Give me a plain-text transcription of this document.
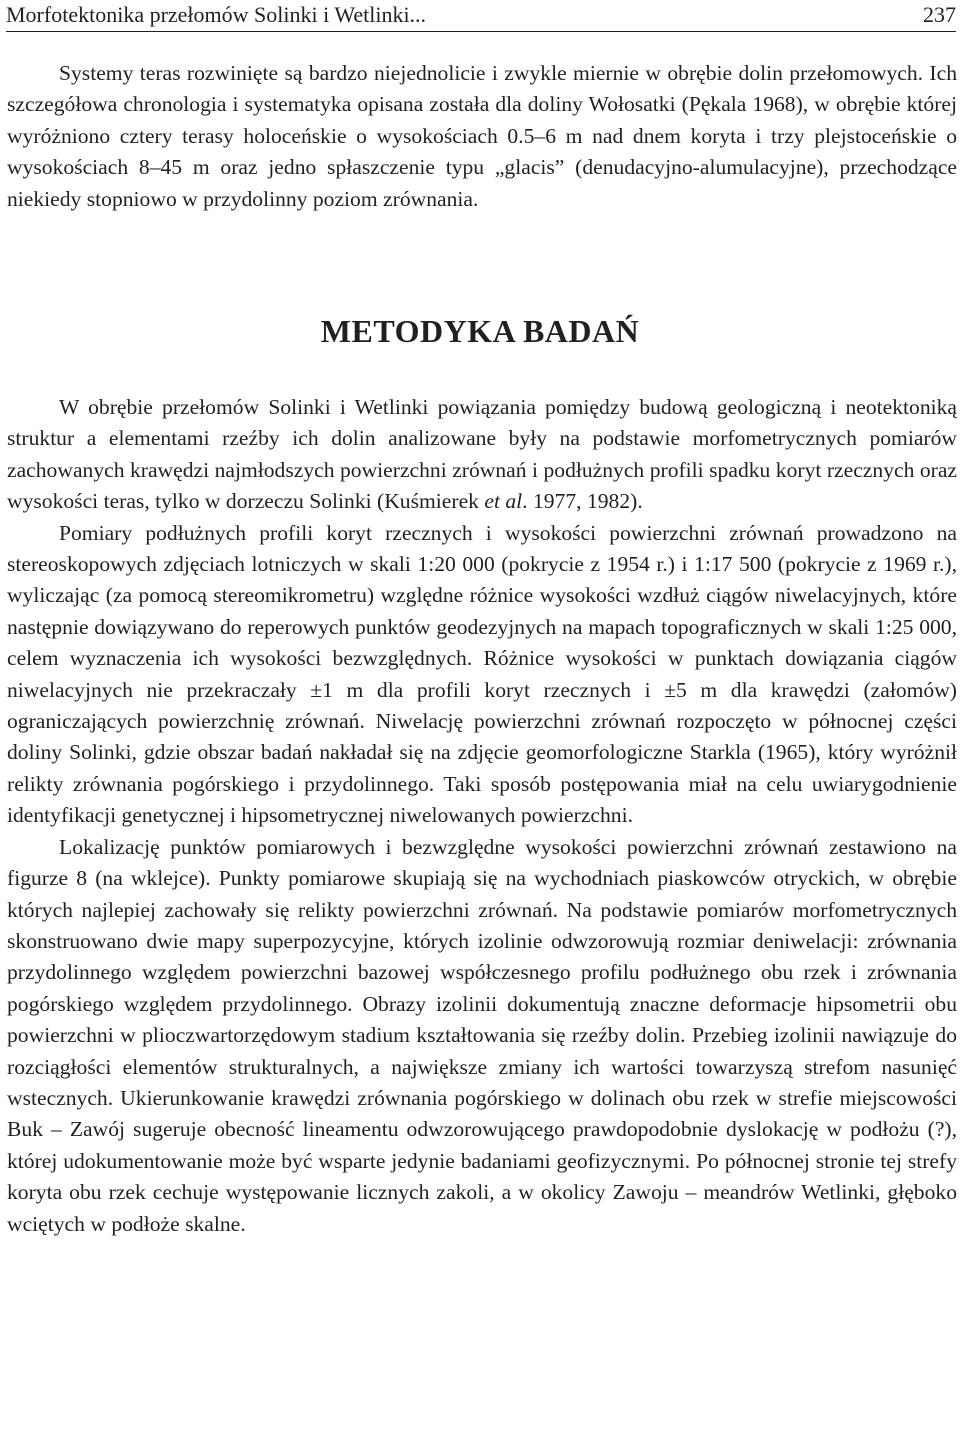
Morfotektonika przełomów Solinki i Wetlinki...	237

Systemy teras rozwinięte są bardzo niejednolicie i zwykle miernie w obrębie dolin przełomowych. Ich szczegółowa chronologia i systematyka opisana została dla doliny Wołosatki (Pękala 1968), w obrębie której wyróżniono cztery terasy holoceńskie o wysokościach 0.5–6 m nad dnem koryta i trzy plejstoceńskie o wysokościach 8–45 m oraz jedno spłaszczenie typu „glacis” (denudacyjno-alumulacyjne), przechodzące niekiedy stopniowo w przydolinny poziom zrównania.

METODYKA BADAŃ

W obrębie przełomów Solinki i Wetlinki powiązania pomiędzy budową geologiczną i neotektoniką struktur a elementami rzeźby ich dolin analizowane były na podstawie morfometrycznych pomiarów zachowanych krawędzi najmłodszych powierzchni zrównań i podłużnych profili spadku koryt rzecznych oraz wysokości teras, tylko w dorzeczu Solinki (Kuśmierek et al. 1977, 1982).

Pomiary podłużnych profili koryt rzecznych i wysokości powierzchni zrównań prowadzono na stereoskopowych zdjęciach lotniczych w skali 1:20 000 (pokrycie z 1954 r.) i 1:17 500 (pokrycie z 1969 r.), wyliczając (za pomocą stereomikrometru) względne różnice wysokości wzdłuż ciągów niwelacyjnych, które następnie dowiązywano do reperowych punktów geodezyjnych na mapach topograficznych w skali 1:25 000, celem wyznaczenia ich wysokości bezwzględnych. Różnice wysokości w punktach dowiązania ciągów niwelacyjnych nie przekraczały ±1 m dla profili koryt rzecznych i ±5 m dla krawędzi (załomów) ograniczających powierzchnię zrównań. Niwelację powierzchni zrównań rozpoczęto w północnej części doliny Solinki, gdzie obszar badań nakładał się na zdjęcie geomorfologiczne Starkla (1965), który wyróżnił relikty zrównania pogórskiego i przydolinnego. Taki sposób postępowania miał na celu uwiarygodnienie identyfikacji genetycznej i hipsometrycznej niwelowanych powierzchni.

Lokalizację punktów pomiarowych i bezwzględne wysokości powierzchni zrównań zestawiono na figurze 8 (na wklejce). Punkty pomiarowe skupiają się na wychodniach piaskowców otryckich, w obrębie których najlepiej zachowały się relikty powierzchni zrównań. Na podstawie pomiarów morfometrycznych skonstruowano dwie mapy superpozycyjne, których izolinie odwzorowują rozmiar deniwelacji: zrównania przydolinnego względem powierzchni bazowej współczesnego profilu podłużnego obu rzek i zrównania pogórskiego względem przydolinnego. Obrazy izolinii dokumentują znaczne deformacje hipsometrii obu powierzchni w plioczwartorzędowym stadium kształtowania się rzeźby dolin. Przebieg izolinii nawiązuje do rozciągłości elementów strukturalnych, a największe zmiany ich wartości towarzyszą strefom nasunięć wstecznych. Ukierunkowanie krawędzi zrównania pogórskiego w dolinach obu rzek w strefie miejscowości Buk – Zawój sugeruje obecność lineamentu odwzorowującego prawdopodobnie dyslokację w podłożu (?), której udokumentowanie może być wsparte jedynie badaniami geofizycznymi. Po północnej stronie tej strefy koryta obu rzek cechuje występowanie licznych zakoli, a w okolicy Zawoju – meandrów Wetlinki, głęboko wciętych w podłoże skalne.
